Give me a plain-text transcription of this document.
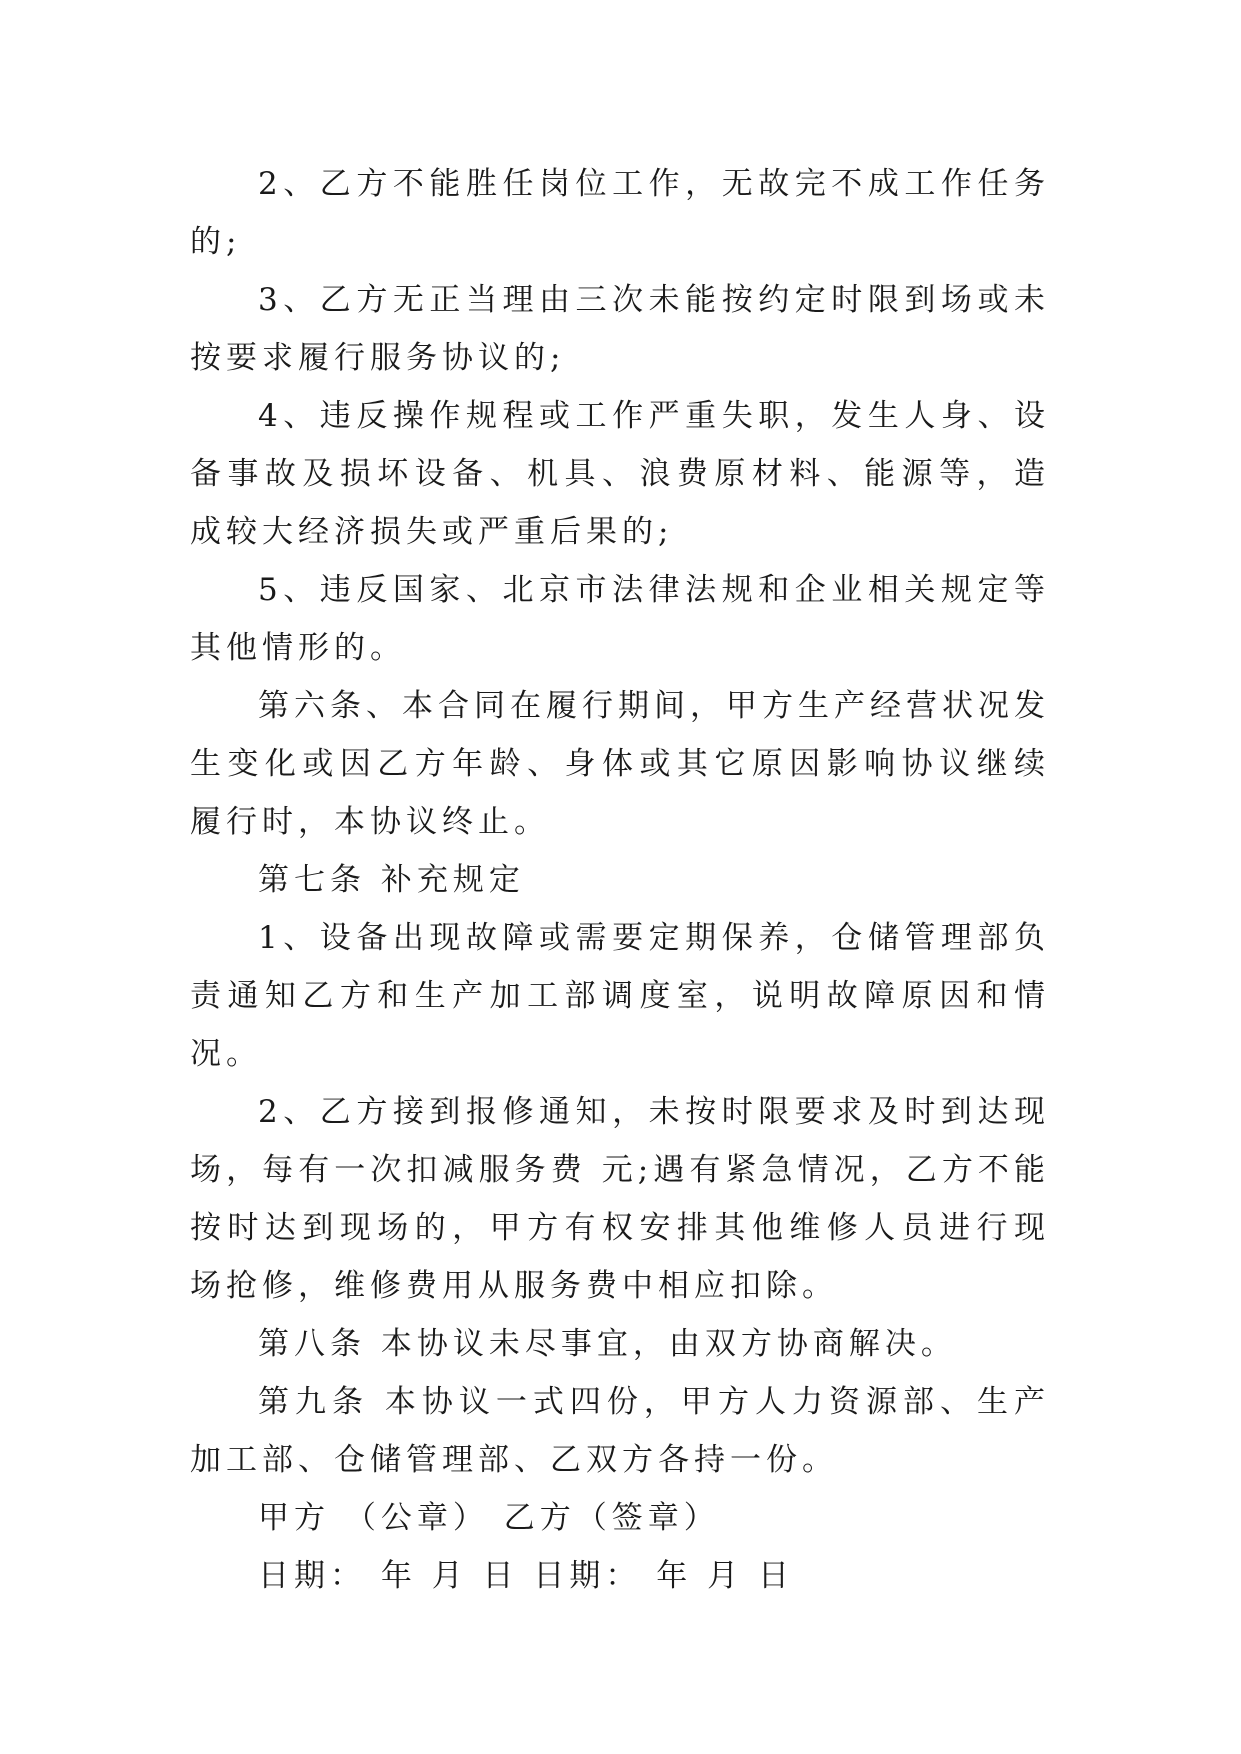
2、乙方不能胜任岗位工作，无故完不成工作任务的;

3、乙方无正当理由三次未能按约定时限到场或未按要求履行服务协议的;

4、违反操作规程或工作严重失职，发生人身、设备事故及损坏设备、机具、浪费原材料、能源等，造成较大经济损失或严重后果的;

5、违反国家、北京市法律法规和企业相关规定等其他情形的。

第六条、本合同在履行期间，甲方生产经营状况发生变化或因乙方年龄、身体或其它原因影响协议继续履行时，本协议终止。

第七条 补充规定

1、设备出现故障或需要定期保养，仓储管理部负责通知乙方和生产加工部调度室，说明故障原因和情况。

2、乙方接到报修通知，未按时限要求及时到达现场，每有一次扣减服务费 元;遇有紧急情况，乙方不能按时达到现场的，甲方有权安排其他维修人员进行现场抢修，维修费用从服务费中相应扣除。

第八条 本协议未尽事宜，由双方协商解决。

第九条 本协议一式四份，甲方人力资源部、生产加工部、仓储管理部、乙双方各持一份。

甲方 （公章） 乙方（签章）

日期： 年 月 日 日期： 年 月 日
